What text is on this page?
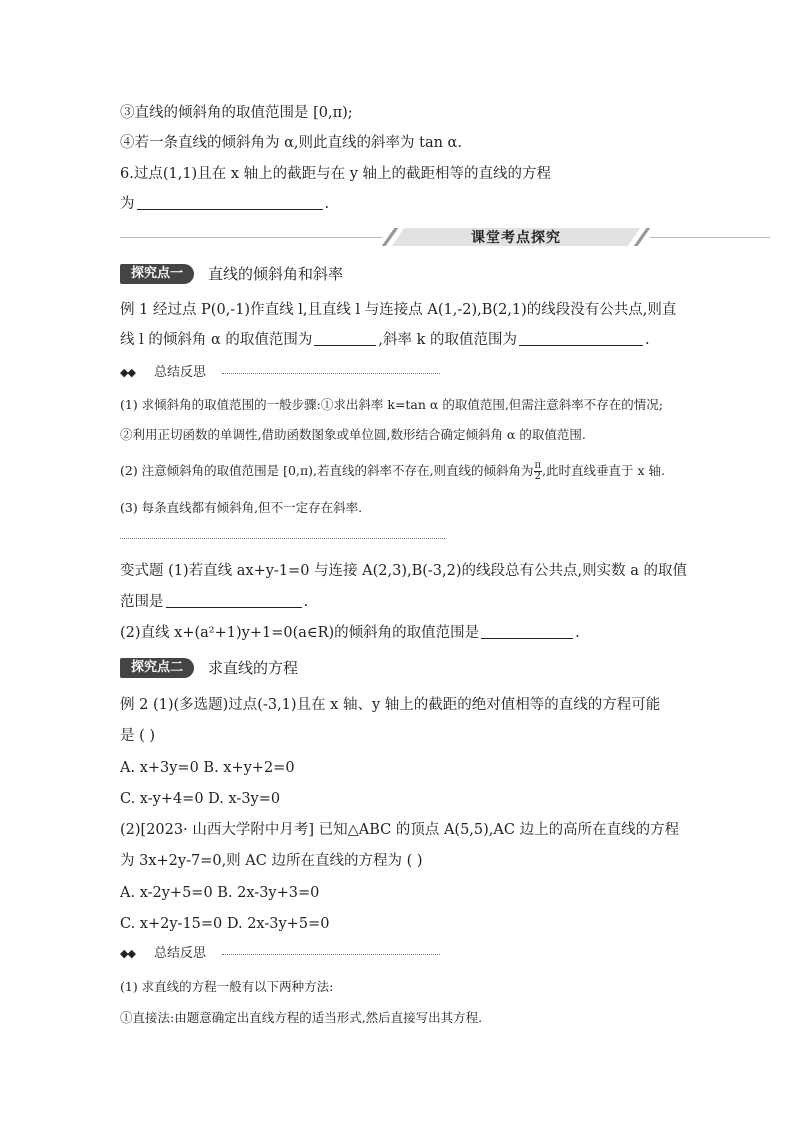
③直线的倾斜角的取值范围是 [0,π);
④若一条直线的倾斜角为 α,则此直线的斜率为 tan α.
6.过点(1,1)且在 x 轴上的截距与在 y 轴上的截距相等的直线的方程
为	.
课堂考点探究
探究点一	直线的倾斜角和斜率
例 1 经过点 P(0,-1)作直线 l,且直线 l 与连接点 A(1,-2),B(2,1)的线段没有公共点,则直
线 l 的倾斜角 α 的取值范围为	,斜率 k 的取值范围为	.
◆◆ 总结反思
(1) 求倾斜角的取值范围的一般步骤:①求出斜率 k=tan α 的取值范围,但需注意斜率不存在的情况;
②利用正切函数的单调性,借助函数图象或单位圆,数形结合确定倾斜角 α 的取值范围.
(2) 注意倾斜角的取值范围是 [0,π),若直线的斜率不存在,则直线的倾斜角为 $\frac{\pi}{2}$ ,此时直线垂直于 x 轴.
(3) 每条直线都有倾斜角,但不一定存在斜率.
变式题 (1)若直线 ax+y-1=0 与连接 A(2,3),B(-3,2)的线段总有公共点,则实数 a 的取值
范围是	.
(2)直线 x+(a²+1)y+1=0(a∈R)的倾斜角的取值范围是	.
探究点二	求直线的方程
例 2 (1)(多选题)过点(-3,1)且在 x 轴、y 轴上的截距的绝对值相等的直线的方程可能
是 ( )
A. x+3y=0 B. x+y+2=0
C. x-y+4=0 D. x-3y=0
(2)[2023· 山西大学附中月考] 已知△ABC 的顶点 A(5,5),AC 边上的高所在直线的方程
为 3x+2y-7=0,则 AC 边所在直线的方程为 ( )
A. x-2y+5=0 B. 2x-3y+3=0
C. x+2y-15=0 D. 2x-3y+5=0
◆◆ 总结反思
(1) 求直线的方程一般有以下两种方法:
①直接法:由题意确定出直线方程的适当形式,然后直接写出其方程.
